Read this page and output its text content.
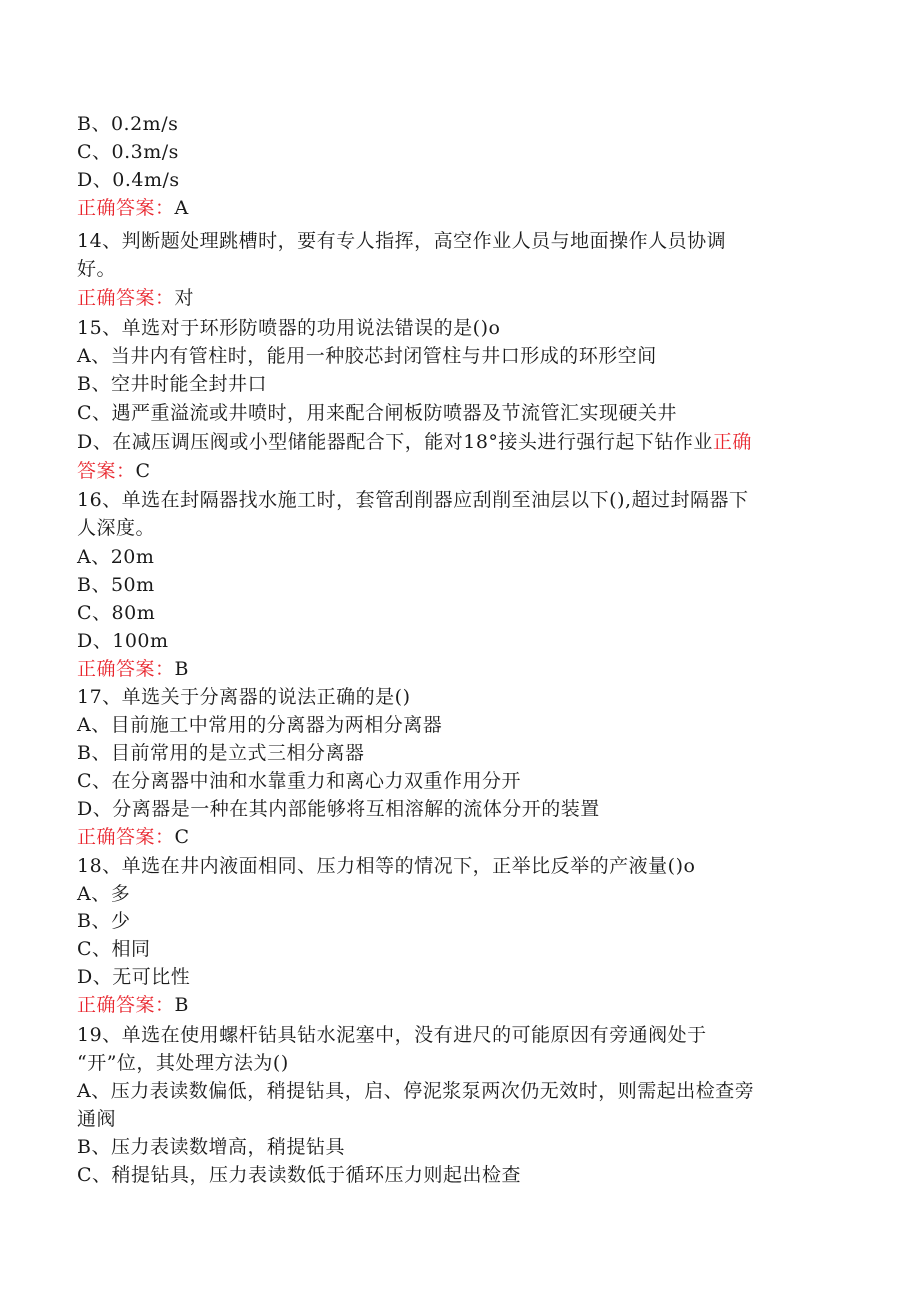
B、0.2m/s
C、0.3m/s
D、0.4m/s
正确答案：A
14、判断题处理跳槽时，要有专人指挥，高空作业人员与地面操作人员协调
好。
正确答案：对
15、单选对于环形防喷器的功用说法错误的是()o
A、当井内有管柱时，能用一种胶芯封闭管柱与井口形成的环形空间
B、空井时能全封井口
C、遇严重溢流或井喷时，用来配合闸板防喷器及节流管汇实现硬关井
D、在减压调压阀或小型储能器配合下，能对18°接头进行强行起下钻作业正确
答案：C
16、单选在封隔器找水施工时，套管刮削器应刮削至油层以下(),超过封隔器下
人深度。
A、20m
B、50m
C、80m
D、100m
正确答案：B
17、单选关于分离器的说法正确的是()
A、目前施工中常用的分离器为两相分离器
B、目前常用的是立式三相分离器
C、在分离器中油和水靠重力和离心力双重作用分开
D、分离器是一种在其内部能够将互相溶解的流体分开的装置
正确答案：C
18、单选在井内液面相同、压力相等的情况下，正举比反举的产液量()o
A、多
B、少
C、相同
D、无可比性
正确答案：B
19、单选在使用螺杆钻具钻水泥塞中，没有进尺的可能原因有旁通阀处于
“开”位，其处理方法为()
A、压力表读数偏低，稍提钻具，启、停泥浆泵两次仍无效时，则需起出检查旁
通阀
B、压力表读数增高，稍提钻具
C、稍提钻具，压力表读数低于循环压力则起出检查
